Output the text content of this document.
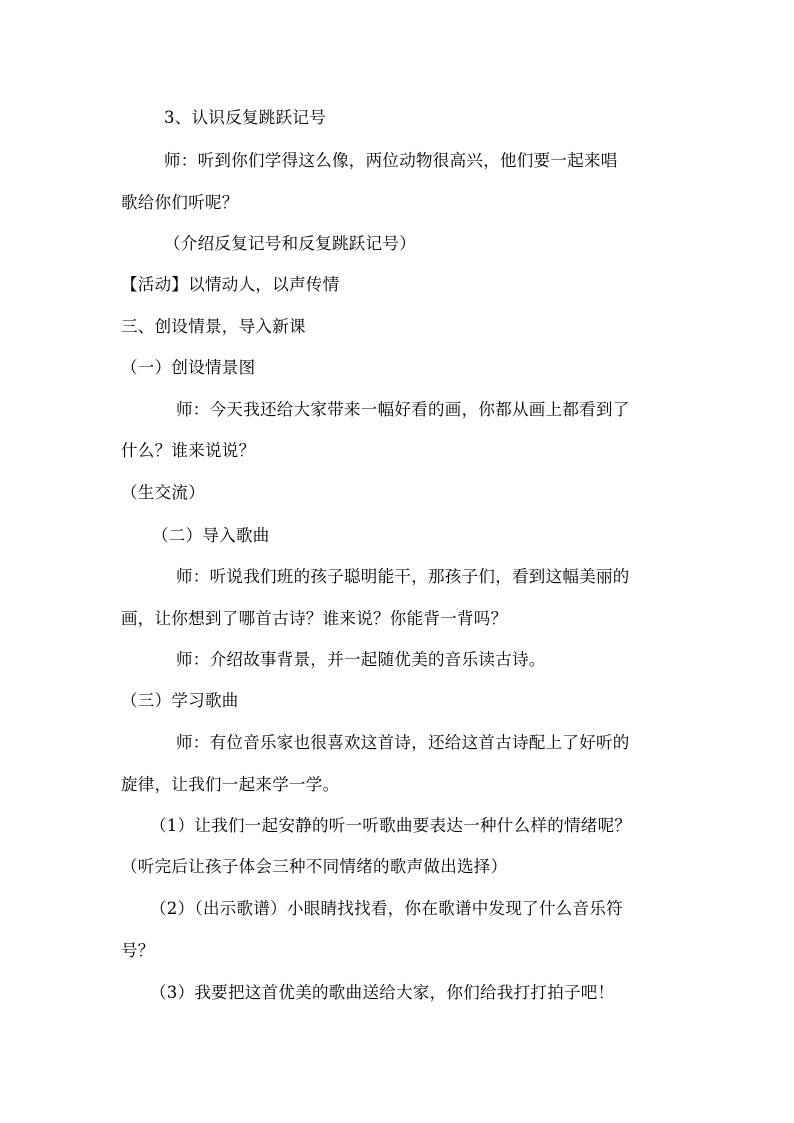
3、认识反复跳跃记号
师：听到你们学得这么像，两位动物很高兴，他们要一起来唱
歌给你们听呢？
（介绍反复记号和反复跳跃记号）
【活动】以情动人，以声传情
三、创设情景，导入新课
（一）创设情景图
师：今天我还给大家带来一幅好看的画，你都从画上都看到了
什么？谁来说说？
（生交流）
（二）导入歌曲
师：听说我们班的孩子聪明能干，那孩子们，看到这幅美丽的
画，让你想到了哪首古诗？谁来说？你能背一背吗？
师：介绍故事背景，并一起随优美的音乐读古诗。
（三）学习歌曲
师：有位音乐家也很喜欢这首诗，还给这首古诗配上了好听的
旋律，让我们一起来学一学。
（1）让我们一起安静的听一听歌曲要表达一种什么样的情绪呢？
（听完后让孩子体会三种不同情绪的歌声做出选择）
（2）（出示歌谱）小眼睛找找看，你在歌谱中发现了什么音乐符
号？
（3）我要把这首优美的歌曲送给大家，你们给我打打拍子吧！
